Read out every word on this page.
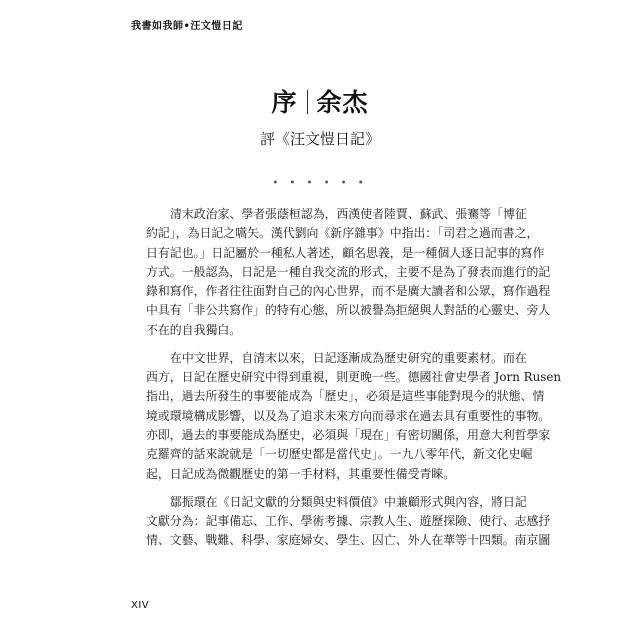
我書如我師•汪文愷日記
序 余杰
評《汪文愷日記》
• • • • • •

清末政治家、學者張蔭桓認為，西漢使者陸賈、蘇武、張騫等「博征
約記」，為日記之嚆矢。漢代劉向《新序雜事》中指出：「司君之過而書之，
日有記也。」日記屬於一種私人著述，顧名思義，是一種個人逐日記事的寫作
方式。一般認為，日記是一種自我交流的形式，主要不是為了發表而進行的記
錄和寫作，作者往往面對自己的內心世界，而不是廣大讀者和公眾，寫作過程
中具有「非公共寫作」的特有心態，所以被譽為拒絕與人對話的心靈史、旁人
不在的自我獨白。

在中文世界，自清末以來，日記逐漸成為歷史研究的重要素材。而在
西方，日記在歷史研究中得到重視，則更晚一些。德國社會史學者 Jorn Rusen
指出，過去所發生的事要能成為「歷史」，必須是這些事能對現今的狀態、情
境或環境構成影響，以及為了追求未來方向而尋求在過去具有重要性的事物。
亦即，過去的事要能成為歷史，必須與「現在」有密切關係，用意大利哲學家
克羅齊的話來說就是「一切歷史都是當代史」。一九八零年代，新文化史崛
起，日記成為微觀歷史的第一手材料，其重要性備受青睞。

鄒振環在《日記文獻的分類與史料價值》中兼顧形式與內容，將日記
文獻分為：記事備忘、工作、學術考據、宗教人生、遊歷探險、使行、志感抒
情、文藝、戰難、科學、家庭婦女、學生、囚亡、外人在華等十四類。南京圖

XIV
